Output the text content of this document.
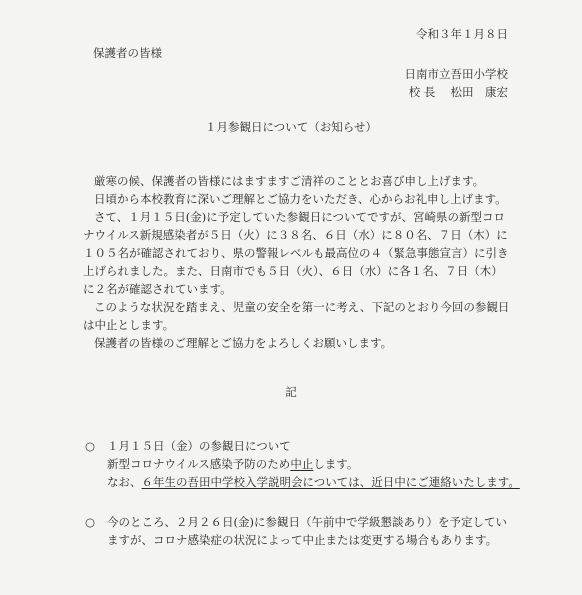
令和３年１月８日
保護者の皆様
日南市立吾田小学校
校 長　 松田　康宏
１月参観日について（お知らせ）

厳寒の候、保護者の皆様にはますますご清祥のこととお喜び申し上げます。

日頃から本校教育に深いご理解とご協力をいただき、心からお礼申し上げます。

さて、１月１５日(金)に予定していた参観日についてですが、宮崎県の新型コロ

ナウイルス新規感染者が５日（火）に３８名、６日（水）に８０名、７日（木）に

１０５名が確認されており、県の警報レベルも最高位の４（緊急事態宣言）に引き

上げられました。また、日南市でも５日（火）、６日（水）に各１名、７日（木）

に２名が確認されています。

このような状況を踏まえ、児童の安全を第一に考え、下記のとおり今回の参観日

は中止とします。

保護者の皆様のご理解とご協力をよろしくお願いします。

記

○ １月１５日（金）の参観日について

新型コロナウイルス感染予防のため中止します。

なお、６年生の吾田中学校入学説明会については、近日中にご連絡いたします。

○ 今のところ、２月２６日(金)に参観日（午前中で学級懇談あり）を予定してい

ますが、コロナ感染症の状況によって中止または変更する場合もあります。
